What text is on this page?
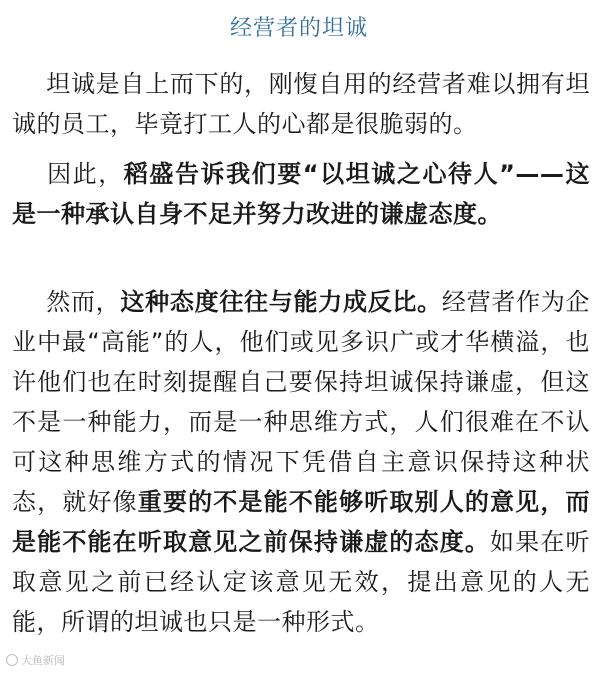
经营者的坦诚

坦诚是自上而下的，刚愎自用的经营者难以拥有坦诚的员工，毕竟打工人的心都是很脆弱的。

因此，稻盛告诉我们要“以坦诚之心待人”——这是一种承认自身不足并努力改进的谦虚态度。

然而，这种态度往往与能力成反比。经营者作为企业中最“高能”的人，他们或见多识广或才华横溢，也许他们也在时刻提醒自己要保持坦诚保持谦虚，但这不是一种能力，而是一种思维方式，人们很难在不认可这种思维方式的情况下凭借自主意识保持这种状态，就好像重要的不是能不能够听取别人的意见，而是能不能在听取意见之前保持谦虚的态度。如果在听取意见之前已经认定该意见无效，提出意见的人无能，所谓的坦诚也只是一种形式。

大鱼新闻
